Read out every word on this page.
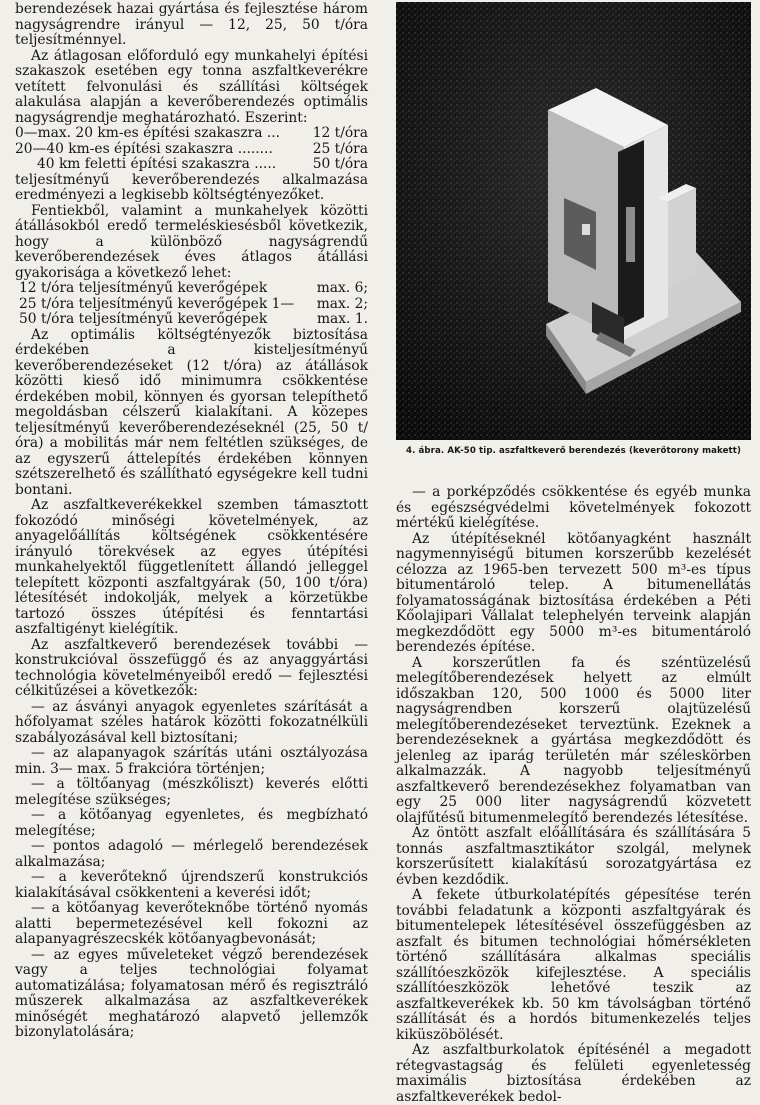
berendezések hazai gyártása és fejlesztése három nagyságrendre irányul — 12, 25, 50 t/óra teljesítménnyel.

Az átlagosan előforduló egy munkahelyi építési szakaszok esetében egy tonna aszfaltkeverékre vetített felvonulási és szállítási költségek alakulása alapján a keverőberendezés optimális nagyságrendje meghatározható. Eszerint:

0—max. 20 km-es építési szakaszra ... 12 t/óra
20—40 km-es építési szakaszra ........	25 t/óra
40 km feletti építési szakaszra .....	50 t/óra

teljesítményű keverőberendezés alkalmazása eredményezi a legkisebb költségtényezőket.

Fentiekből, valamint a munkahelyek közötti átállásokból eredő termeléskiesésből következik, hogy a különböző nagyságrendű keverőberendezések éves átlagos átállási gyakorisága a következő lehet:

12 t/óra teljesítményű keverőgépek	max. 6;
25 t/óra teljesítményű keverőgépek 1— max. 2;
50 t/óra teljesítményű keverőgépek	max. 1.

Az optimális költségtényezők biztosítása érdekében a kisteljesítményű keverőberendezéseket (12 t/óra) az átállások közötti kieső idő minimumra csökkentése érdekében mobil, könnyen és gyorsan telepíthető megoldásban célszerű kialakítani. A közepes teljesítményű keverőberendezéseknél (25, 50 t/óra) a mobilitás már nem feltétlen szükséges, de az egyszerű áttelepítés érdekében könnyen szétszerelhető és szállítható egységekre kell tudni bontani.

Az aszfaltkeverékekkel szemben támasztott fokozódó minőségi követelmények, az anyagelőállítás költségének csökkentésére irányuló törekvések az egyes útépítési munkahelyektől függetlenített állandó jelleggel telepített központi aszfaltgyárak (50, 100 t/óra) létesítését indokolják, melyek a körzetükbe tartozó összes útépítési és fenntartási aszfaltigényt kielégítik.

Az aszfaltkeverő berendezések további — konstrukcióval összefüggő és az anyaggyártási technológia követelményeiből eredő — fejlesztési célkitűzései a következők:

— az ásványi anyagok egyenletes szárítását a hőfolyamat széles határok közötti fokozatnélküli szabályozásával kell biztosítani;

— az alapanyagok szárítás utáni osztályozása min. 3— max. 5 frakcióra történjen;

— a töltőanyag (mészkőliszt) keverés előtti melegítése szükséges;

— a kötőanyag egyenletes, és megbízható melegítése;

— pontos adagoló — mérlegelő berendezések alkalmazása;

— a keverőteknő újrendszerű konstrukciós kialakításával csökkenteni a keverési időt;

— a kötőanyag keverőteknőbe történő nyomás alatti bepermetezésével kell fokozni az alapanyagrészecskék kötőanyagbevonását;

— az egyes műveleteket végző berendezések vagy a teljes technológiai folyamat automatizálása; folyamatosan mérő és regisztráló műszerek alkalmazása az aszfaltkeverékek minőségét meghatározó alapvető jellemzők bizonylatolására;

4. ábra. AK-50 tip. aszfaltkeverő berendezés (keverőtorony makett)

— a porképződés csökkentése és egyéb munka és egészségvédelmi követelmények fokozott mértékű kielégítése.

Az útépítéseknél kötőanyagként használt nagymennyiségű bitumen korszerűbb kezelését célozza az 1965-ben tervezett 500 m³-es típus bitumentároló telep. A bitumenellátás folyamatosságának biztosítása érdekében a Péti Kőolajipari Vállalat telephelyén terveink alapján megkezdődött egy 5000 m³-es bitumentároló berendezés építése.

A korszerűtlen fa és széntüzelésű melegítőberendezések helyett az elmúlt időszakban 120, 500 1000 és 5000 liter nagyságrendben korszerű olajtüzelésű melegítőberendezéseket terveztünk. Ezeknek a berendezéseknek a gyártása megkezdődött és jelenleg az iparág területén már széleskörben alkalmazzák. A nagyobb teljesítményű aszfaltkeverő berendezésekhez folyamatban van egy 25 000 liter nagyságrendű közvetett olajfűtésű bitumenmelegítő berendezés létesítése.

Az öntött aszfalt előállítására és szállítására 5 tonnás aszfaltmasztikátor szolgál, melynek korszerűsített kialakítású sorozatgyártása ez évben kezdődik.

A fekete útburkolatépítés gépesítése terén további feladatunk a központi aszfaltgyárak és bitumentelepek létesítésével összefüggésben az aszfalt és bitumen technológiai hőmérsékleten történő szállítására alkalmas speciális szállítóeszközök kifejlesztése. A speciális szállítóeszközök lehetővé teszik az aszfaltkeverékek kb. 50 km távolságban történő szállítását és a hordós bitumenkezelés teljes kiküszöbölését.

Az aszfaltburkolatok építésénél a megadott rétegvastagság és felületi egyenletesség maximális biztosítása érdekében az aszfaltkeverékek bedol-
